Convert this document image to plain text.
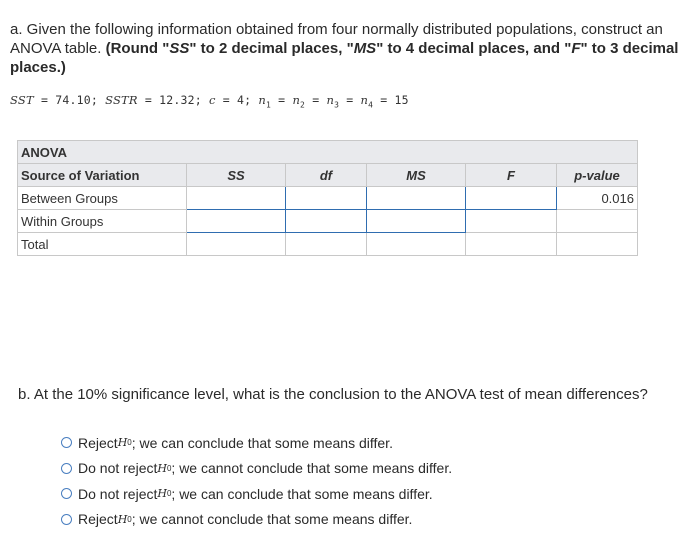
a. Given the following information obtained from four normally distributed populations, construct an ANOVA table. (Round "SS" to 2 decimal places, "MS" to 4 decimal places, and "F" to 3 decimal places.)
SST = 74.10; SSTR = 12.32; c = 4; $n_1 = n_2 = n_3 = n_4 = 15$
ANOVA					
Source of Variation	SS	df	MS	F	p-value
Between Groups					0.016
Within Groups					
Total					
b. At the 10% significance level, what is the conclusion to the ANOVA test of mean differences?
Reject H 0 ; we can conclude that some means differ.
Do not reject H 0 ; we cannot conclude that some means differ.
Do not reject H 0 ; we can conclude that some means differ.
Reject H 0 ; we cannot conclude that some means differ.
